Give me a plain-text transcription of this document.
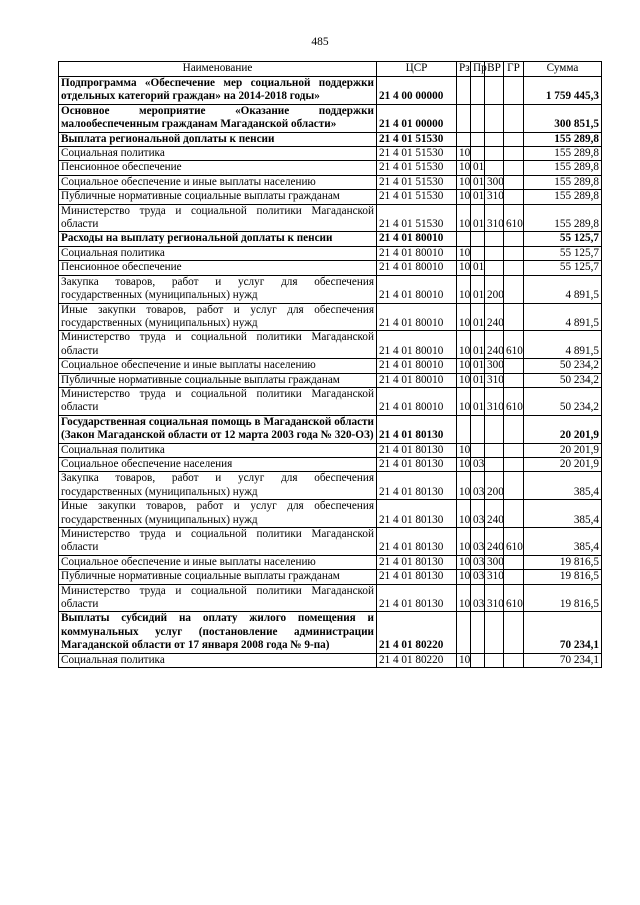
485
Наименование	ЦСР	Рз	Пр	ВР	ГР	Сумма
Подпрограмма «Обеспечение мер социальной поддержки отдельных категорий граждан» на 2014-2018 годы»	21 4 00 00000					1 759 445,3
Основное мероприятие «Оказание поддержки малообеспеченным гражданам Магаданской области»	21 4 01 00000					300 851,5
Выплата региональной доплаты к пенсии	21 4 01 51530					155 289,8
Социальная политика	21 4 01 51530	10				155 289,8
Пенсионное обеспечение	21 4 01 51530	10	01			155 289,8
Социальное обеспечение и иные выплаты населению	21 4 01 51530	10	01	300		155 289,8
Публичные нормативные социальные выплаты гражданам	21 4 01 51530	10	01	310		155 289,8
Министерство труда и социальной политики Магаданской области	21 4 01 51530	10	01	310	610	155 289,8
Расходы на выплату региональной доплаты к пенсии	21 4 01 80010					55 125,7
Социальная политика	21 4 01 80010	10				55 125,7
Пенсионное обеспечение	21 4 01 80010	10	01			55 125,7
Закупка товаров, работ и услуг для обеспечения государственных (муниципальных) нужд	21 4 01 80010	10	01	200		4 891,5
Иные закупки товаров, работ и услуг для обеспечения государственных (муниципальных) нужд	21 4 01 80010	10	01	240		4 891,5
Министерство труда и социальной политики Магаданской области	21 4 01 80010	10	01	240	610	4 891,5
Социальное обеспечение и иные выплаты населению	21 4 01 80010	10	01	300		50 234,2
Публичные нормативные социальные выплаты гражданам	21 4 01 80010	10	01	310		50 234,2
Министерство труда и социальной политики Магаданской области	21 4 01 80010	10	01	310	610	50 234,2
Государственная социальная помощь в Магаданской области (Закон Магаданской области от 12 марта 2003 года № 320-ОЗ)	21 4 01 80130					20 201,9
Социальная политика	21 4 01 80130	10				20 201,9
Социальное обеспечение населения	21 4 01 80130	10	03			20 201,9
Закупка товаров, работ и услуг для обеспечения государственных (муниципальных) нужд	21 4 01 80130	10	03	200		385,4
Иные закупки товаров, работ и услуг для обеспечения государственных (муниципальных) нужд	21 4 01 80130	10	03	240		385,4
Министерство труда и социальной политики Магаданской области	21 4 01 80130	10	03	240	610	385,4
Социальное обеспечение и иные выплаты населению	21 4 01 80130	10	03	300		19 816,5
Публичные нормативные социальные выплаты гражданам	21 4 01 80130	10	03	310		19 816,5
Министерство труда и социальной политики Магаданской области	21 4 01 80130	10	03	310	610	19 816,5
Выплаты субсидий на оплату жилого помещения и коммунальных услуг (постановление администрации Магаданской области от 17 января 2008 года № 9-па)	21 4 01 80220					70 234,1
Социальная политика	21 4 01 80220	10				70 234,1
